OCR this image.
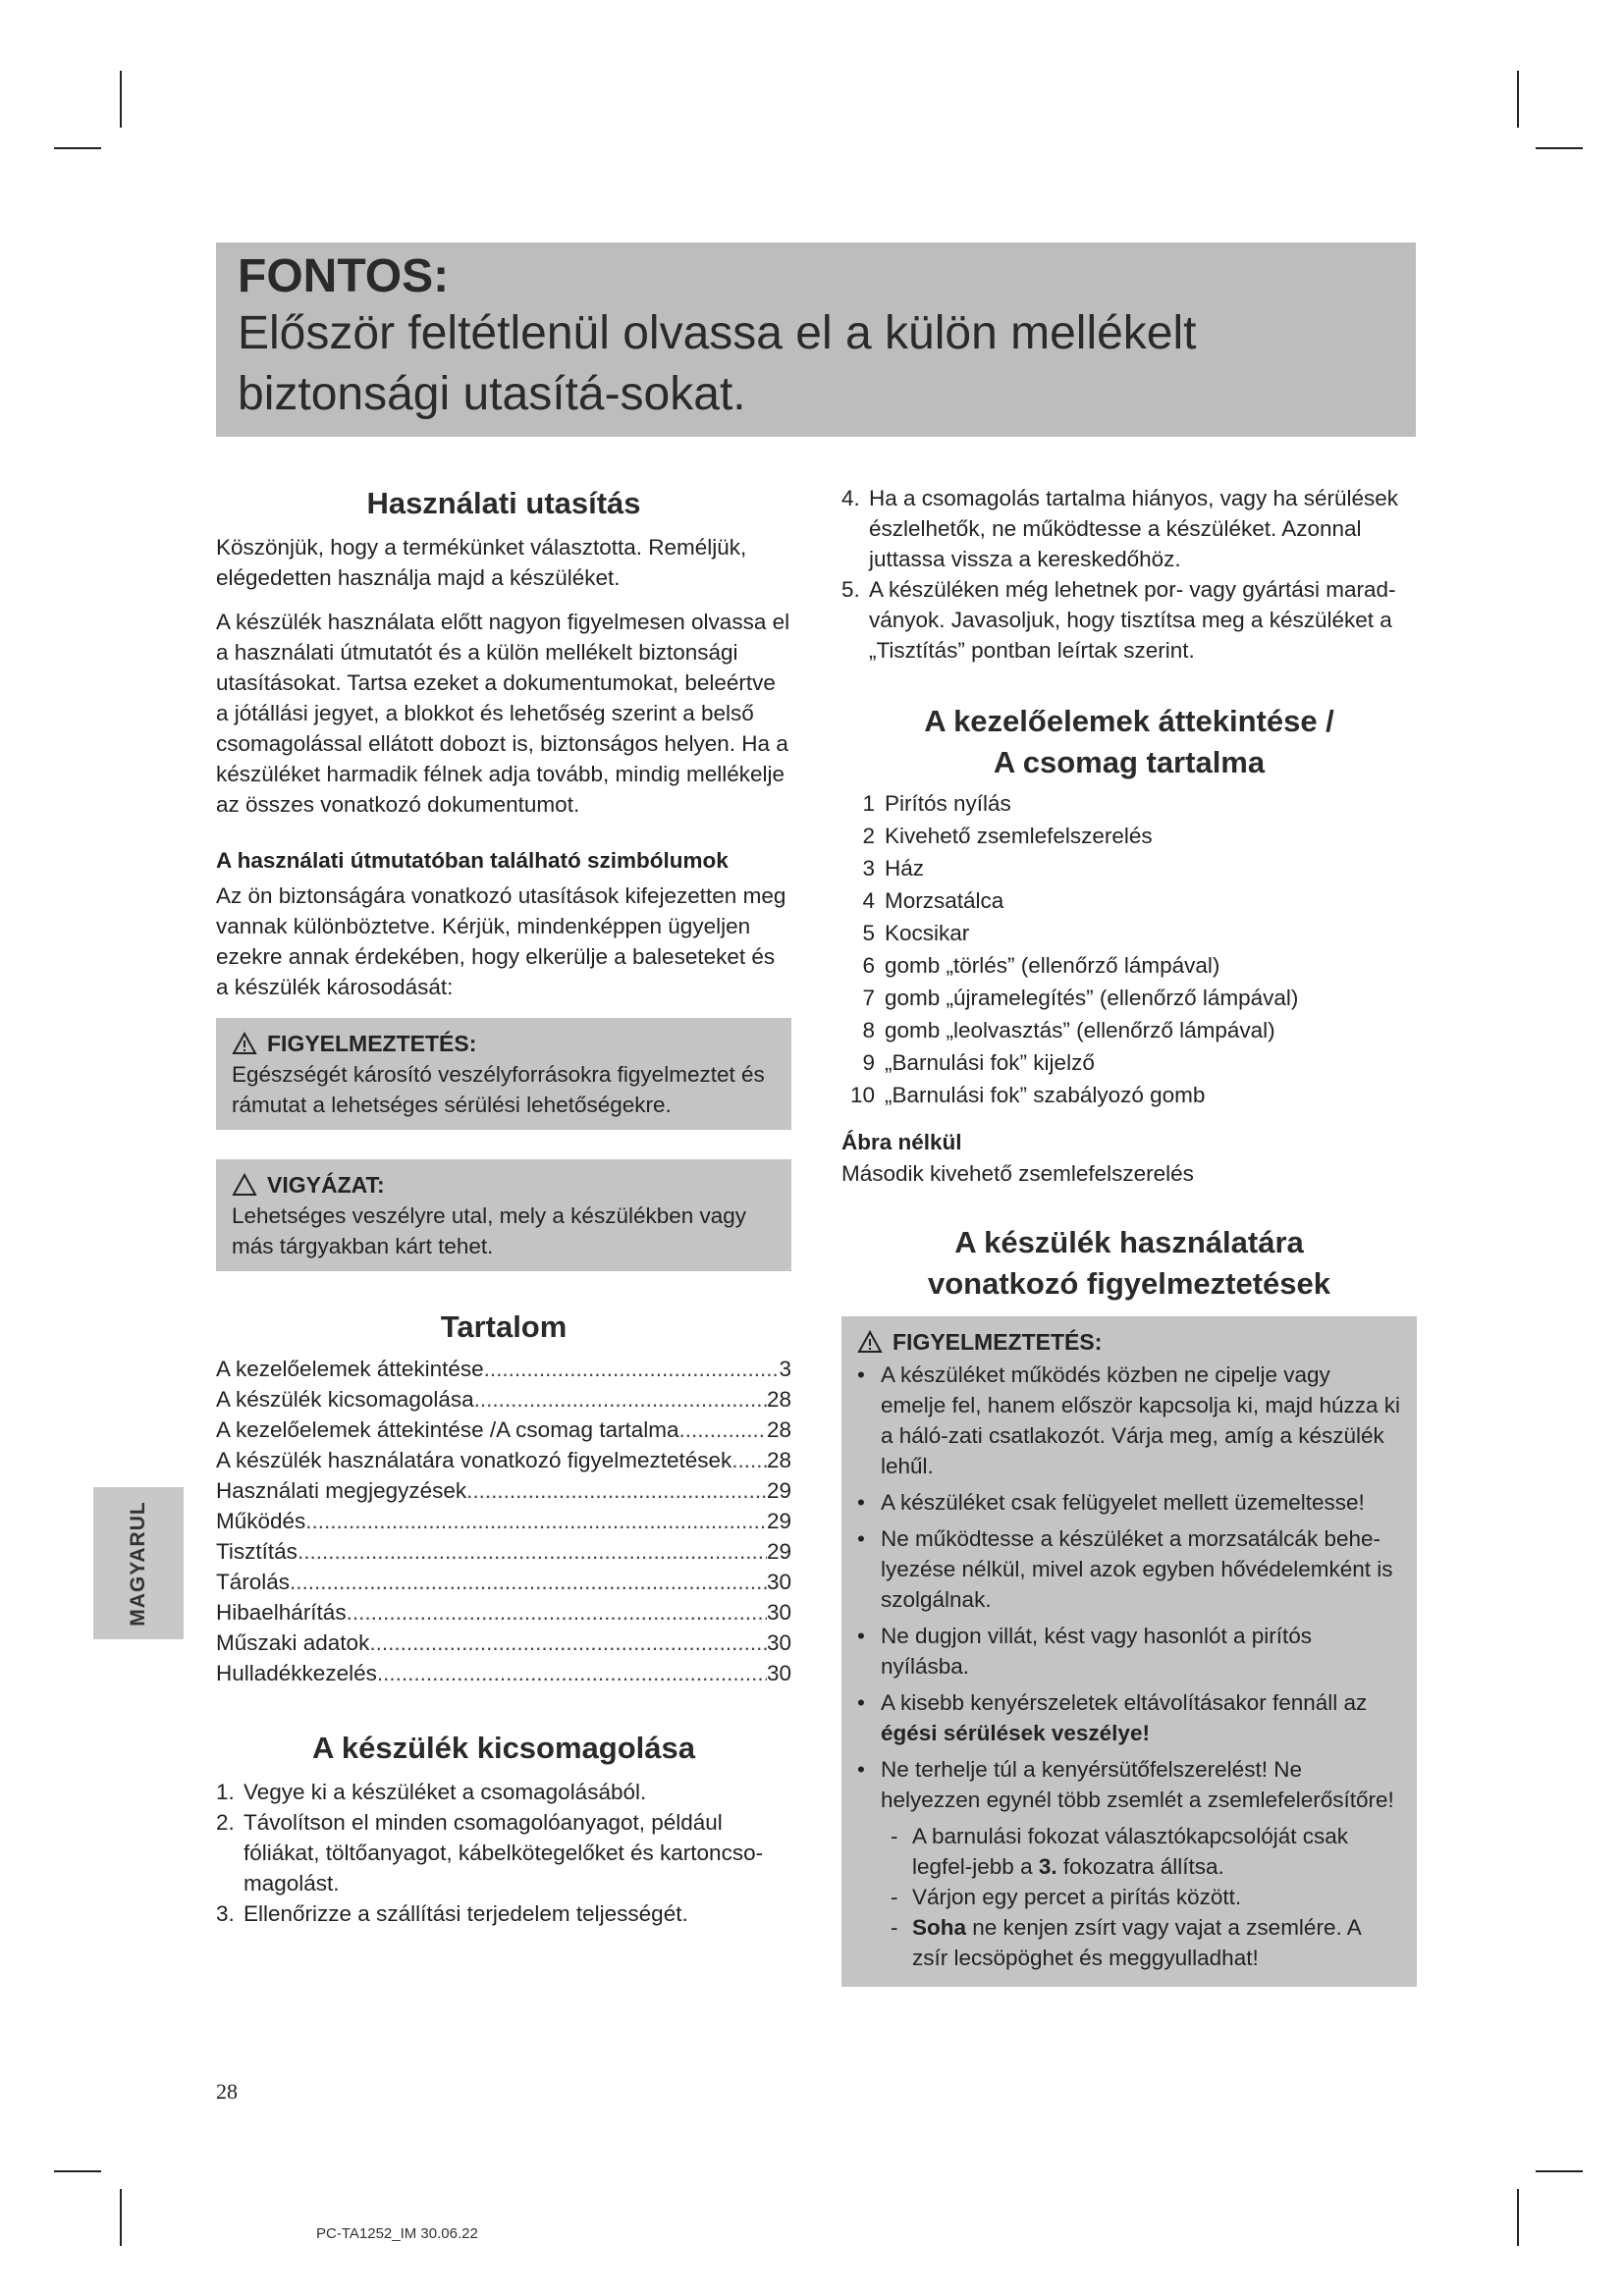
FONTOS:
Először feltétlenül olvassa el a külön mellékelt biztonsági utasítá-sokat.
Használati utasítás

Köszönjük, hogy a termékünket választotta. Reméljük, elégedetten használja majd a készüléket.

A készülék használata előtt nagyon figyelmesen olvassa el a használati útmutatót és a külön mellékelt biztonsági utasításokat. Tartsa ezeket a dokumentumokat, beleértve a jótállási jegyet, a blokkot és lehetőség szerint a belső csomagolással ellátott dobozt is, biztonságos helyen. Ha a készüléket harmadik félnek adja tovább, mindig mellékelje az összes vonatkozó dokumentumot.

A használati útmutatóban található szimbólumok

Az ön biztonságára vonatkozó utasítások kifejezetten meg vannak különböztetve. Kérjük, mindenképpen ügyeljen ezekre annak érdekében, hogy elkerülje a baleseteket és a készülék károsodását:

FIGYELMEZTETÉS:

Egészségét károsító veszélyforrásokra figyelmeztet és rámutat a lehetséges sérülési lehetőségekre.

VIGYÁZAT:

Lehetséges veszélyre utal, mely a készülékben vagy más tárgyakban kárt tehet.

Tartalom
A kezelőelemek áttekintése .....	3
A készülék kicsomagolása .....	28
A kezelőelemek áttekintése /A csomag tartalma .....	28
A készülék használatára vonatkozó figyelmeztetések ..... 28
Használati megjegyzések .....	29
Működés .....	29
Tisztítás .....	29
Tárolás .....	30
Hibaelhárítás .....	30
Műszaki adatok .....	30
Hulladékkezelés .....	30
A készülék kicsomagolása
1. Vegye ki a készüléket a csomagolásából.
2. Távolítson el minden csomagolóanyagot, például fóliákat, töltőanyagot, kábelkötegelőket és kartoncso-magolást.
3. Ellenőrizze a szállítási terjedelem teljességét.
4. Ha a csomagolás tartalma hiányos, vagy ha sérülések észlelhetők, ne működtesse a készüléket. Azonnal juttassa vissza a kereskedőhöz.
5. A készüléken még lehetnek por- vagy gyártási marad-ványok. Javasoljuk, hogy tisztítsa meg a készüléket a „Tisztítás” pontban leírtak szerint.
A kezelőelemek áttekintése /
A csomag tartalma
1 Pirítós nyílás
2 Kivehető zsemlefelszerelés
3 Ház
4 Morzsatálca
5 Kocsikar
6 gomb „törlés” (ellenőrző lámpával)
7 gomb „újramelegítés” (ellenőrző lámpával)
8 gomb „leolvasztás” (ellenőrző lámpával)
9 „Barnulási fok” kijelző
10 „Barnulási fok” szabályozó gomb
Ábra nélkül

Második kivehető zsemlefelszerelés

A készülék használatára
vonatkozó figyelmeztetések
FIGYELMEZTETÉS:
• A készüléket működés közben ne cipelje vagy emelje fel, hanem először kapcsolja ki, majd húzza ki a háló-zati csatlakozót. Várja meg, amíg a készülék lehűl.
• A készüléket csak felügyelet mellett üzemeltesse!
• Ne működtesse a készüléket a morzsatálcák behe-lyezése nélkül, mivel azok egyben hővédelemként is szolgálnak.
• Ne dugjon villát, kést vagy hasonlót a pirítós nyílásba.
• A kisebb kenyérszeletek eltávolításakor fennáll az
égési sérülések veszélye!
• Ne terhelje túl a kenyérsütőfelszerelést! Ne helyezzen egynél több zsemlét a zsemlefelerősítőre!
- A barnulási fokozat választókapcsolóját csak legfel-jebb a 3. fokozatra állítsa.
- Várjon egy percet a pirítás között.
- Soha ne kenjen zsírt vagy vajat a zsemlére. A zsír lecsöpöghet és meggyulladhat!
MAGYARUL
28
PC-TA1252_IM 30.06.22
